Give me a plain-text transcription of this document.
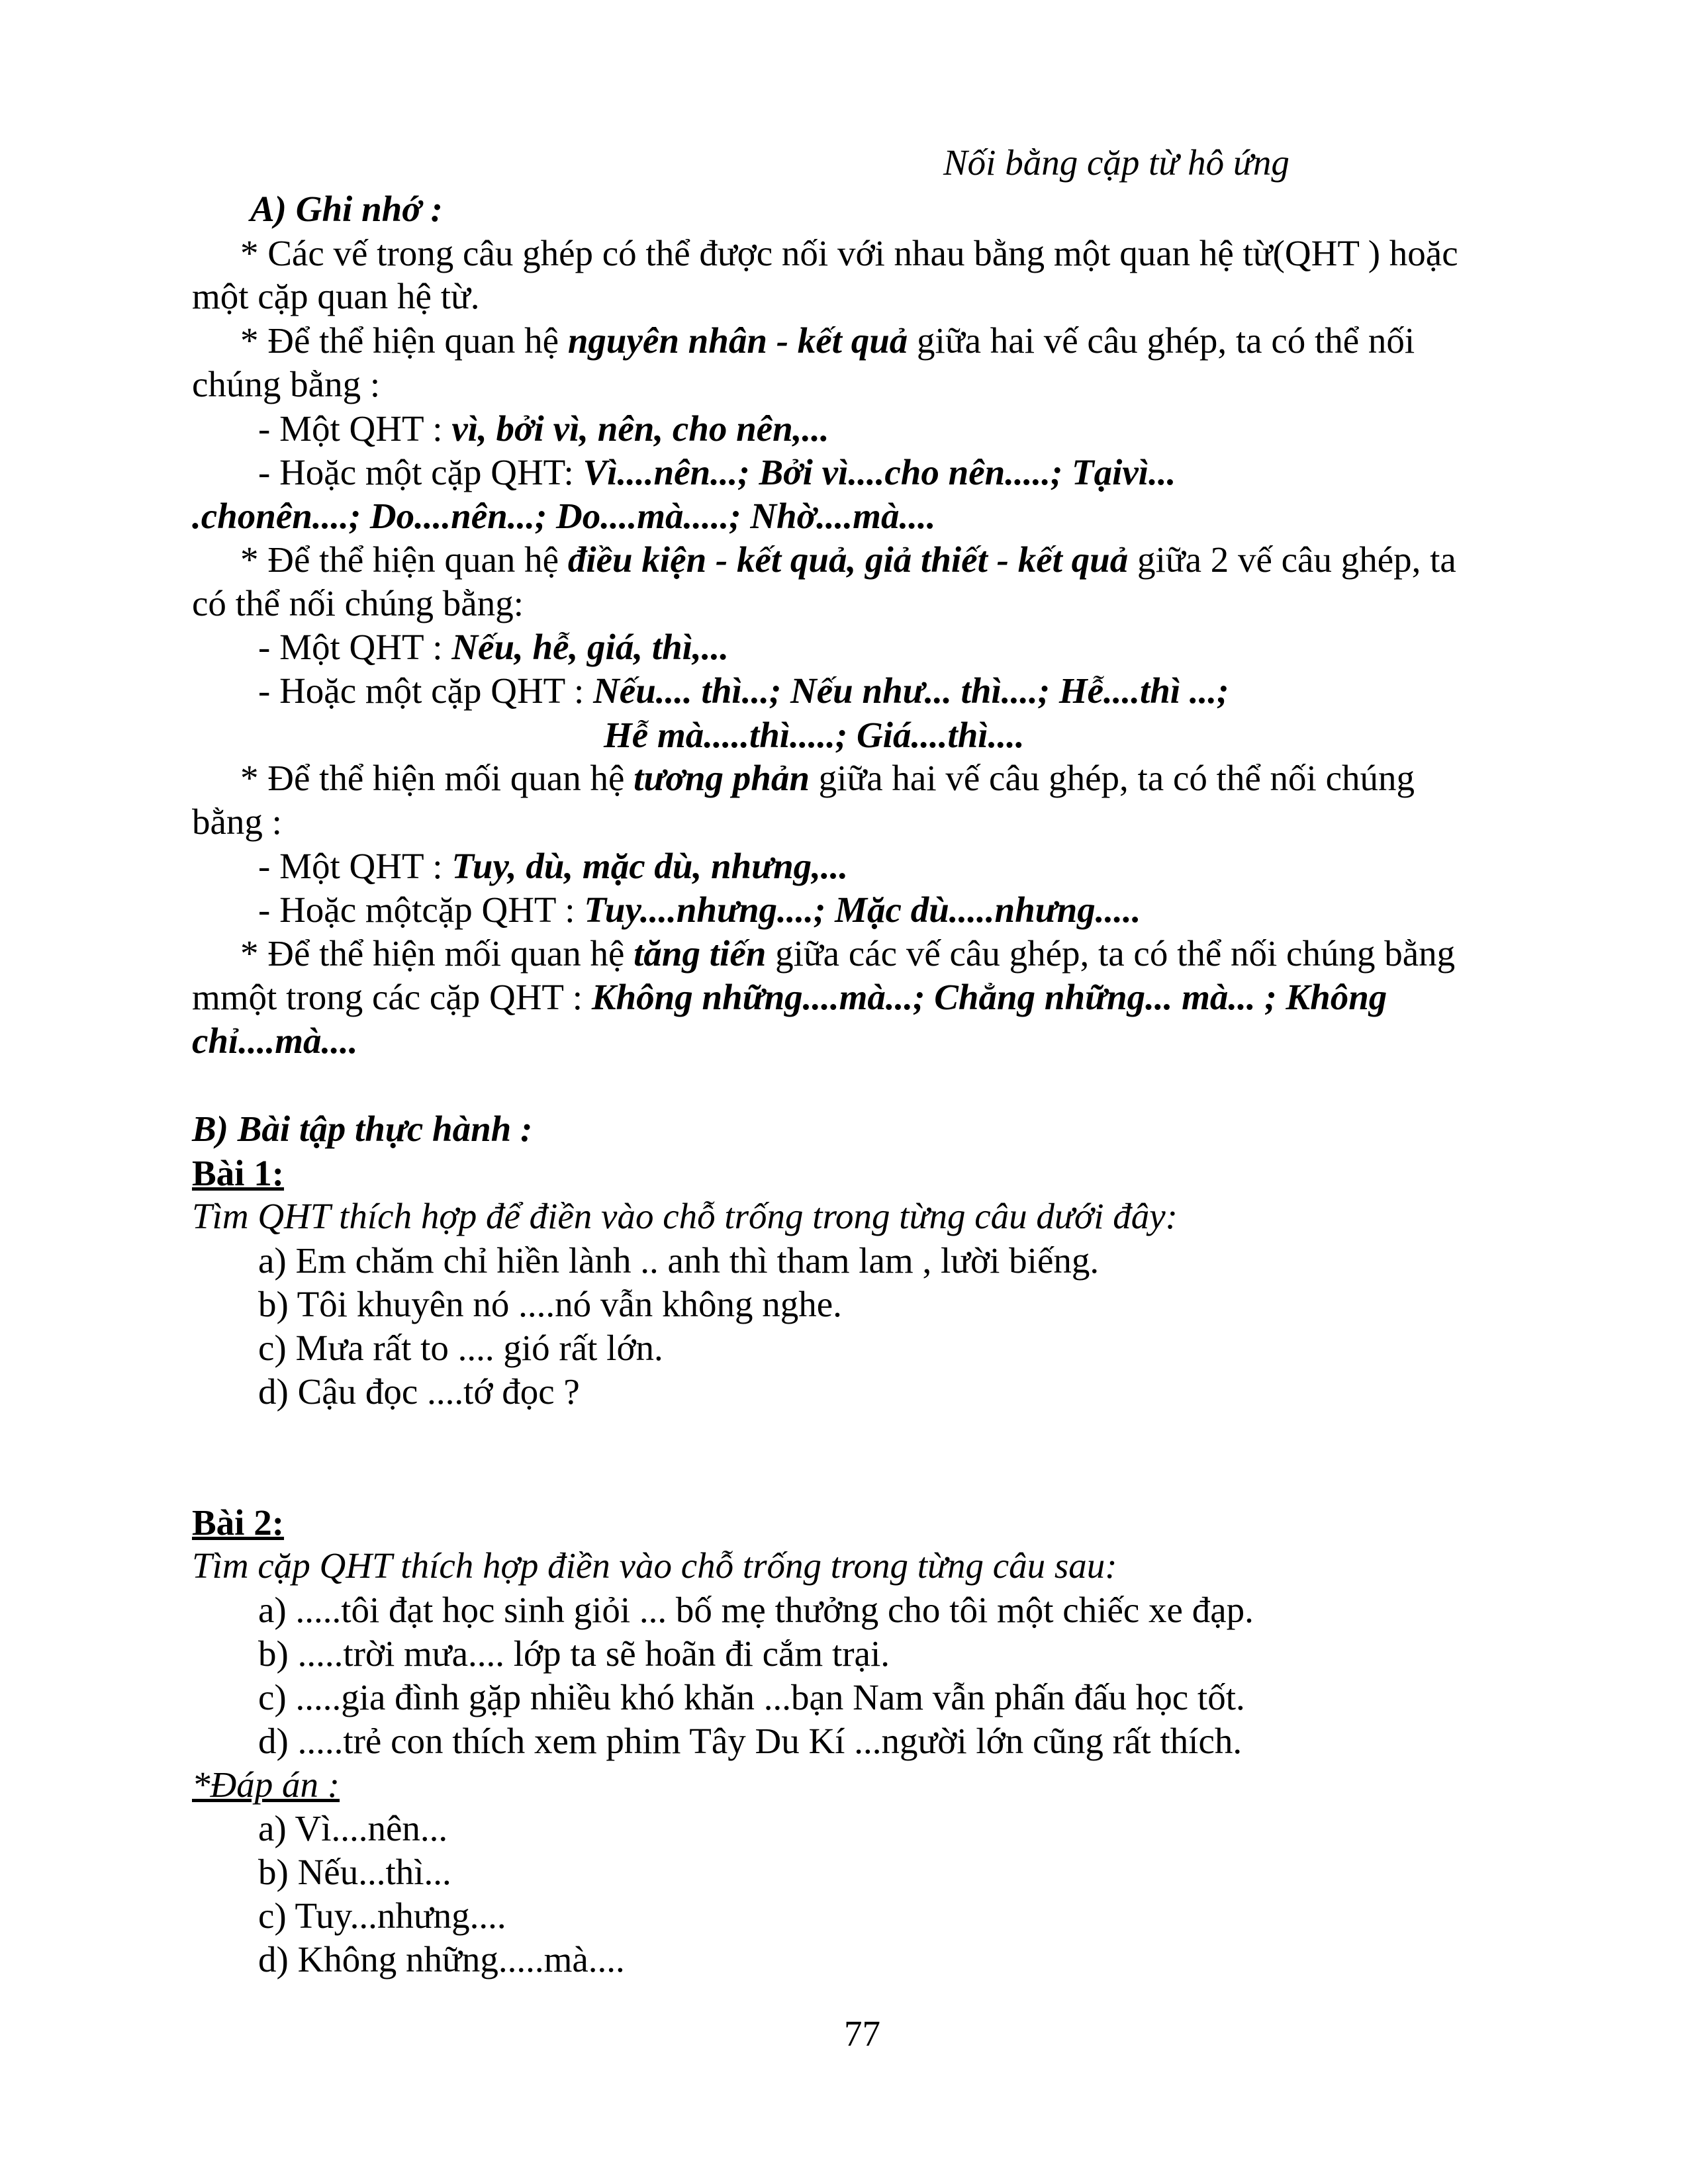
Nối bằng cặp từ hô ứng
A) Ghi nhớ :
* Các vế trong câu ghép có thể được nối với nhau bằng một quan hệ từ(QHT ) hoặc
một cặp quan hệ từ.
* Để thể hiện quan hệ nguyên nhân - kết quả giữa hai vế câu ghép, ta có thể nối
chúng bằng :
- Một QHT : vì, bởi vì, nên, cho nên,...
- Hoặc một cặp QHT: Vì....nên...; Bởi vì....cho nên.....; Tạivì...
.chonên....; Do....nên...; Do....mà.....; Nhờ....mà....
* Để thể hiện quan hệ điều kiện - kết quả, giả thiết - kết quả giữa 2 vế câu ghép, ta
có thể nối chúng bằng:
- Một QHT : Nếu, hễ, giá, thì,...
- Hoặc một cặp QHT : Nếu.... thì...; Nếu như... thì....; Hễ....thì ...;
Hễ mà.....thì.....; Giá....thì....
* Để thể hiện mối quan hệ tương phản giữa hai vế câu ghép, ta có thể nối chúng
bằng :
- Một QHT : Tuy, dù, mặc dù, nhưng,...
- Hoặc mộtcặp QHT : Tuy....nhưng....; Mặc dù.....nhưng.....
* Để thể hiện mối quan hệ tăng tiến giữa các vế câu ghép, ta có thể nối chúng bằng
mmột trong các cặp QHT : Không những....mà...; Chẳng những... mà... ; Không
chỉ....mà....
B) Bài tập thực hành :
Bài 1:
Tìm QHT thích hợp để điền vào chỗ trống trong từng câu dưới đây:
a) Em chăm chỉ hiền lành .. anh thì tham lam , lười biếng.
b) Tôi khuyên nó ....nó vẫn không nghe.
c) Mưa rất to .... gió rất lớn.
d) Cậu đọc ....tớ đọc ?
Bài 2:
Tìm cặp QHT thích hợp điền vào chỗ trống trong từng câu sau:
a) .....tôi đạt học sinh giỏi ... bố mẹ thưởng cho tôi một chiếc xe đạp.
b) .....trời mưa.... lớp ta sẽ hoãn đi cắm trại.
c) .....gia đình gặp nhiều khó khăn ...bạn Nam vẫn phấn đấu học tốt.
d) .....trẻ con thích xem phim Tây Du Kí ...người lớn cũng rất thích.
*Đáp án :
a) Vì....nên...
b) Nếu...thì...
c) Tuy...nhưng....
d) Không những.....mà....
77
